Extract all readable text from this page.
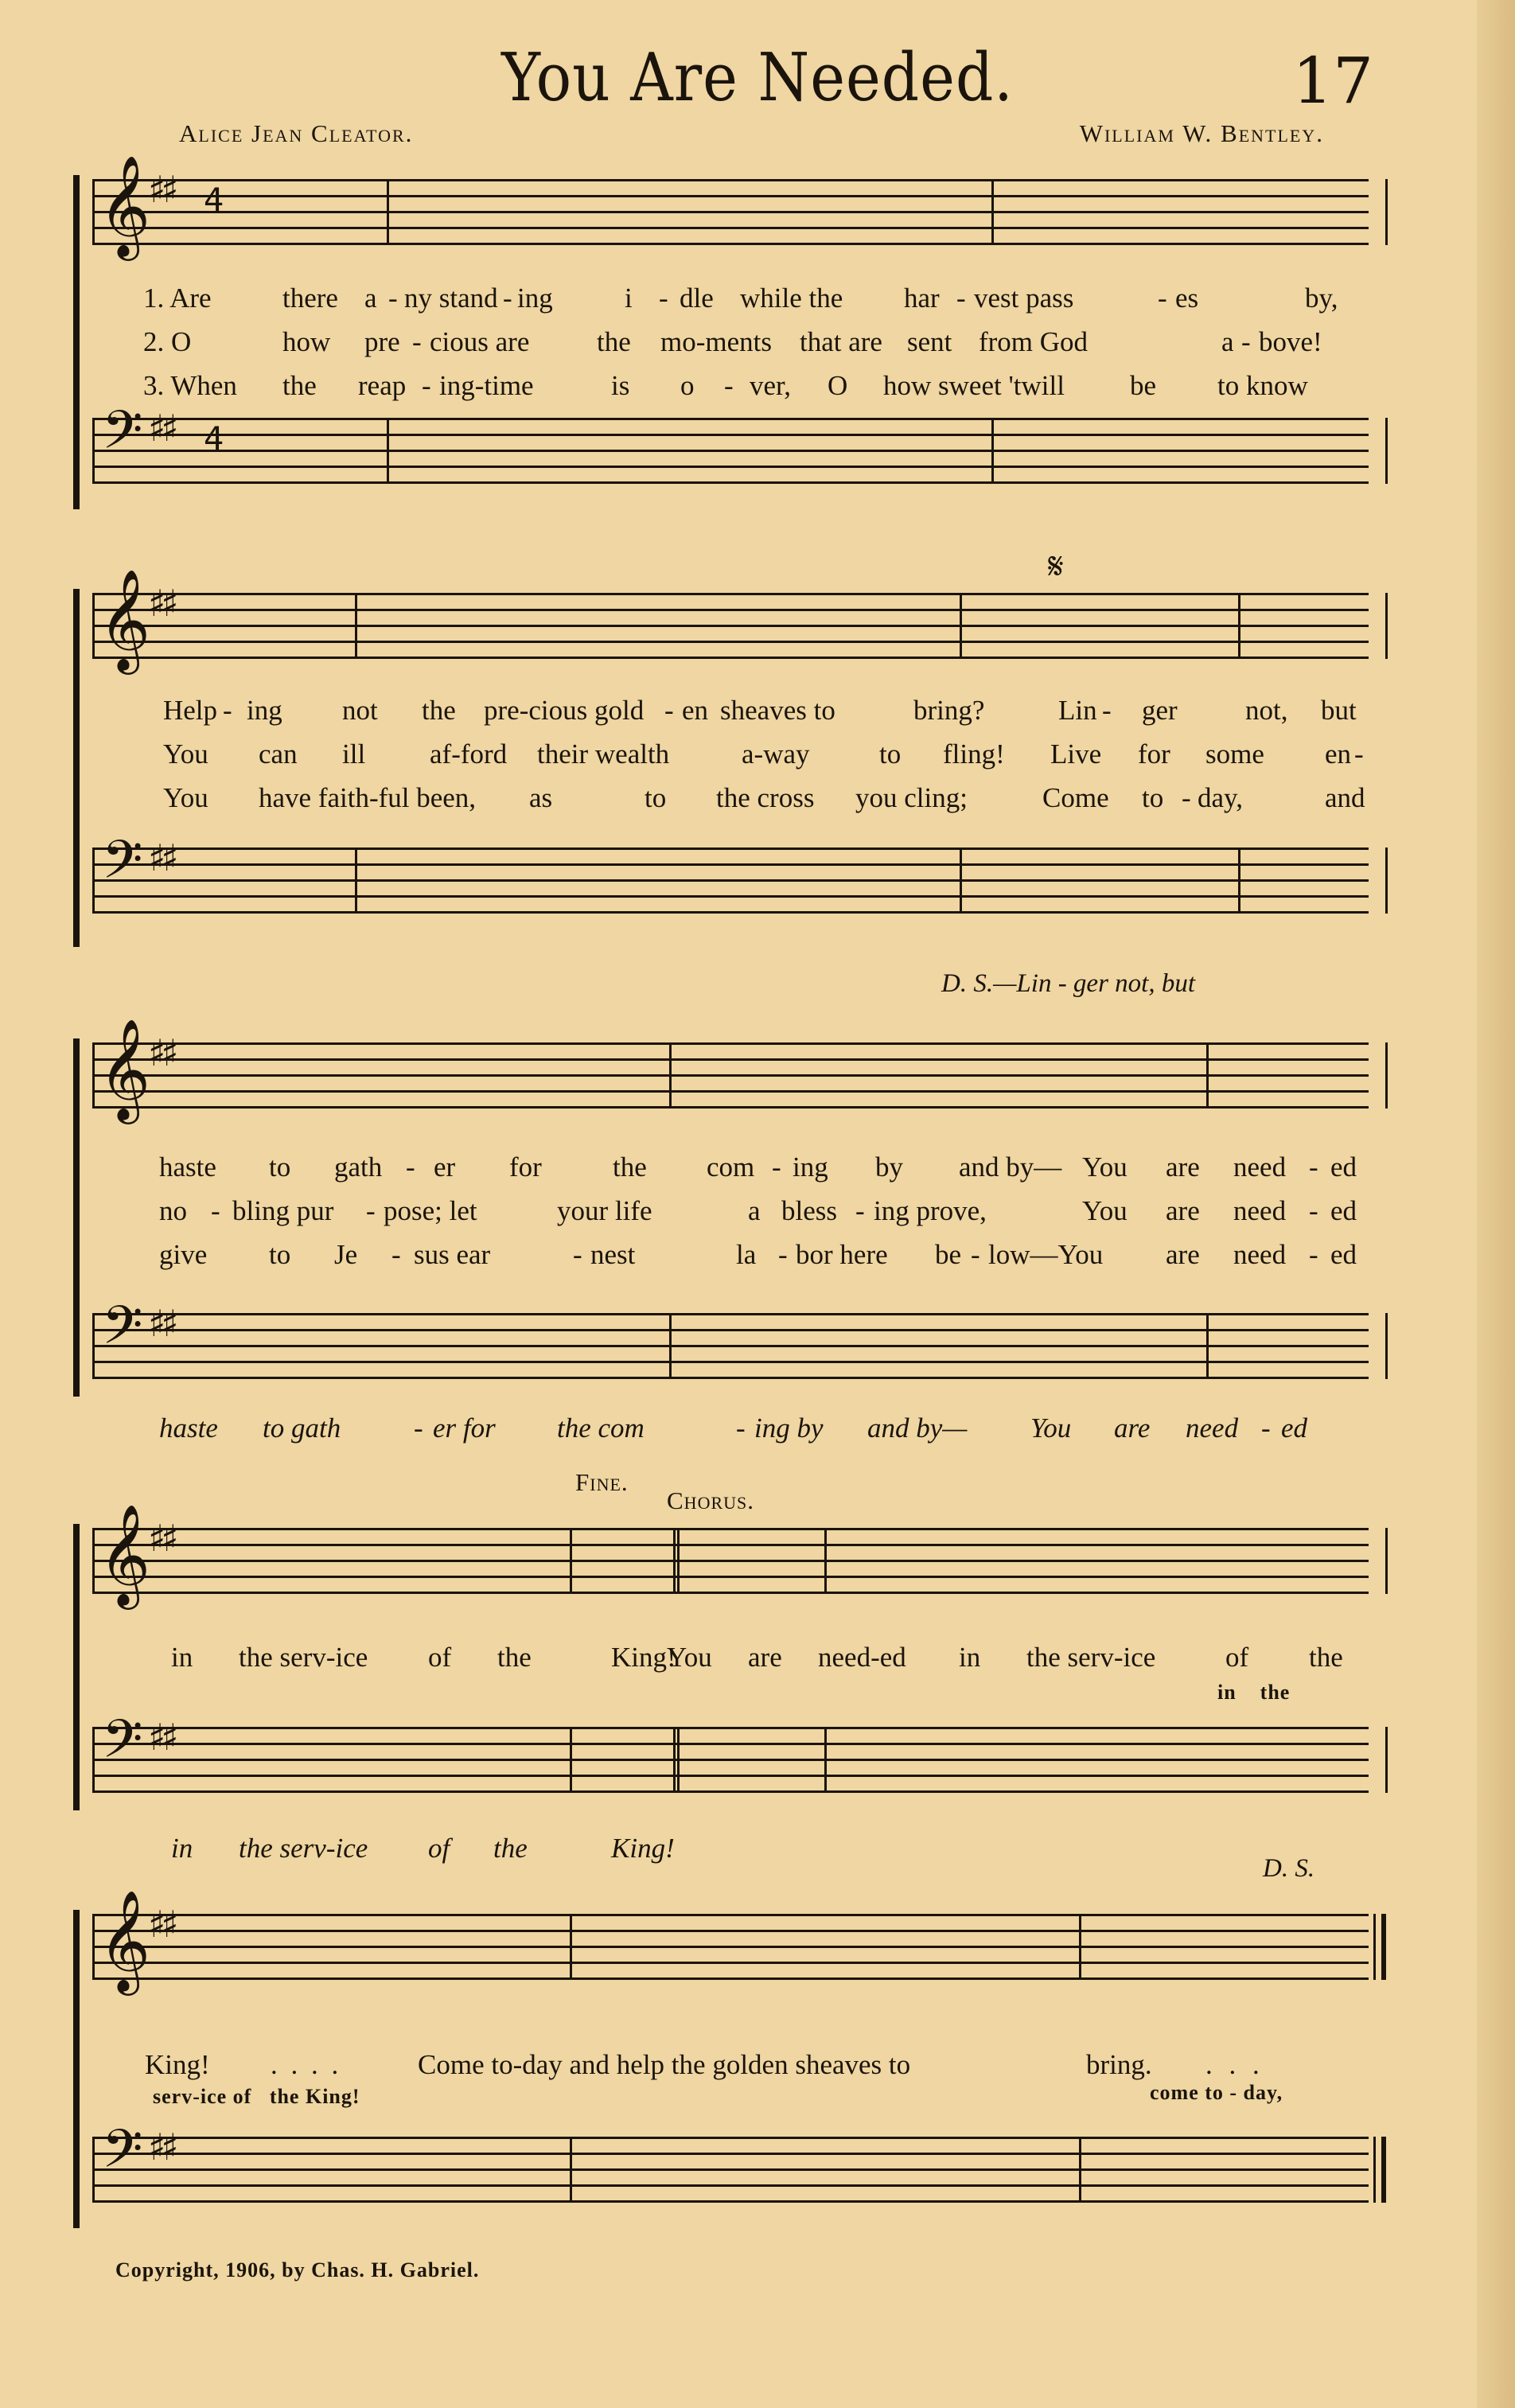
You Are Needed.	17
Alice Jean Cleator.	William W. Bentley.
𝄞
♯♯ 4
𝄢 ♯♯ 4
1. Are	there a - ny stand - ing	i - dle while the har - vest pass	- es	by,
2. O	how pre - cious are the mo-ments that are sent from God	a - bove!
3. When the reap - ing-time	is o - ver, O how sweet 'twill be to know
𝄞
♯♯
𝄋
𝄢 ♯♯
Help - ing not the pre-cious gold - en sheaves to	bring?	Lin - ger not, but
You can ill af-ford their wealth	a-way to fling! Live for some en -
You have faith-ful been, as	to the cross you cling;	Come to - day,	and
D. S.—Lin - ger not, but
𝄞
♯♯
𝄢 ♯♯
haste to gath - er for	the com - ing by and by— You are need - ed
no - bling pur - pose; let	your life	a bless - ing prove,	You are need - ed
give to Je - sus ear	- nest	la - bor here be - low—You are need - ed
haste to gath	- er for the com	- ing by and by— You are need - ed
Fine.
Chorus.
𝄞
♯♯
𝄢 ♯♯
in the serv-ice of the	King!
You are need-ed in the serv-ice	of the
in    the
in the serv-ice of the	King!
D. S.
𝄞
♯♯
𝄢 ♯♯
King! . . . .	Come to-day and help the golden sheaves to	bring. . . .
serv-ice of   the King!	come to - day,
Copyright, 1906, by Chas. H. Gabriel.
